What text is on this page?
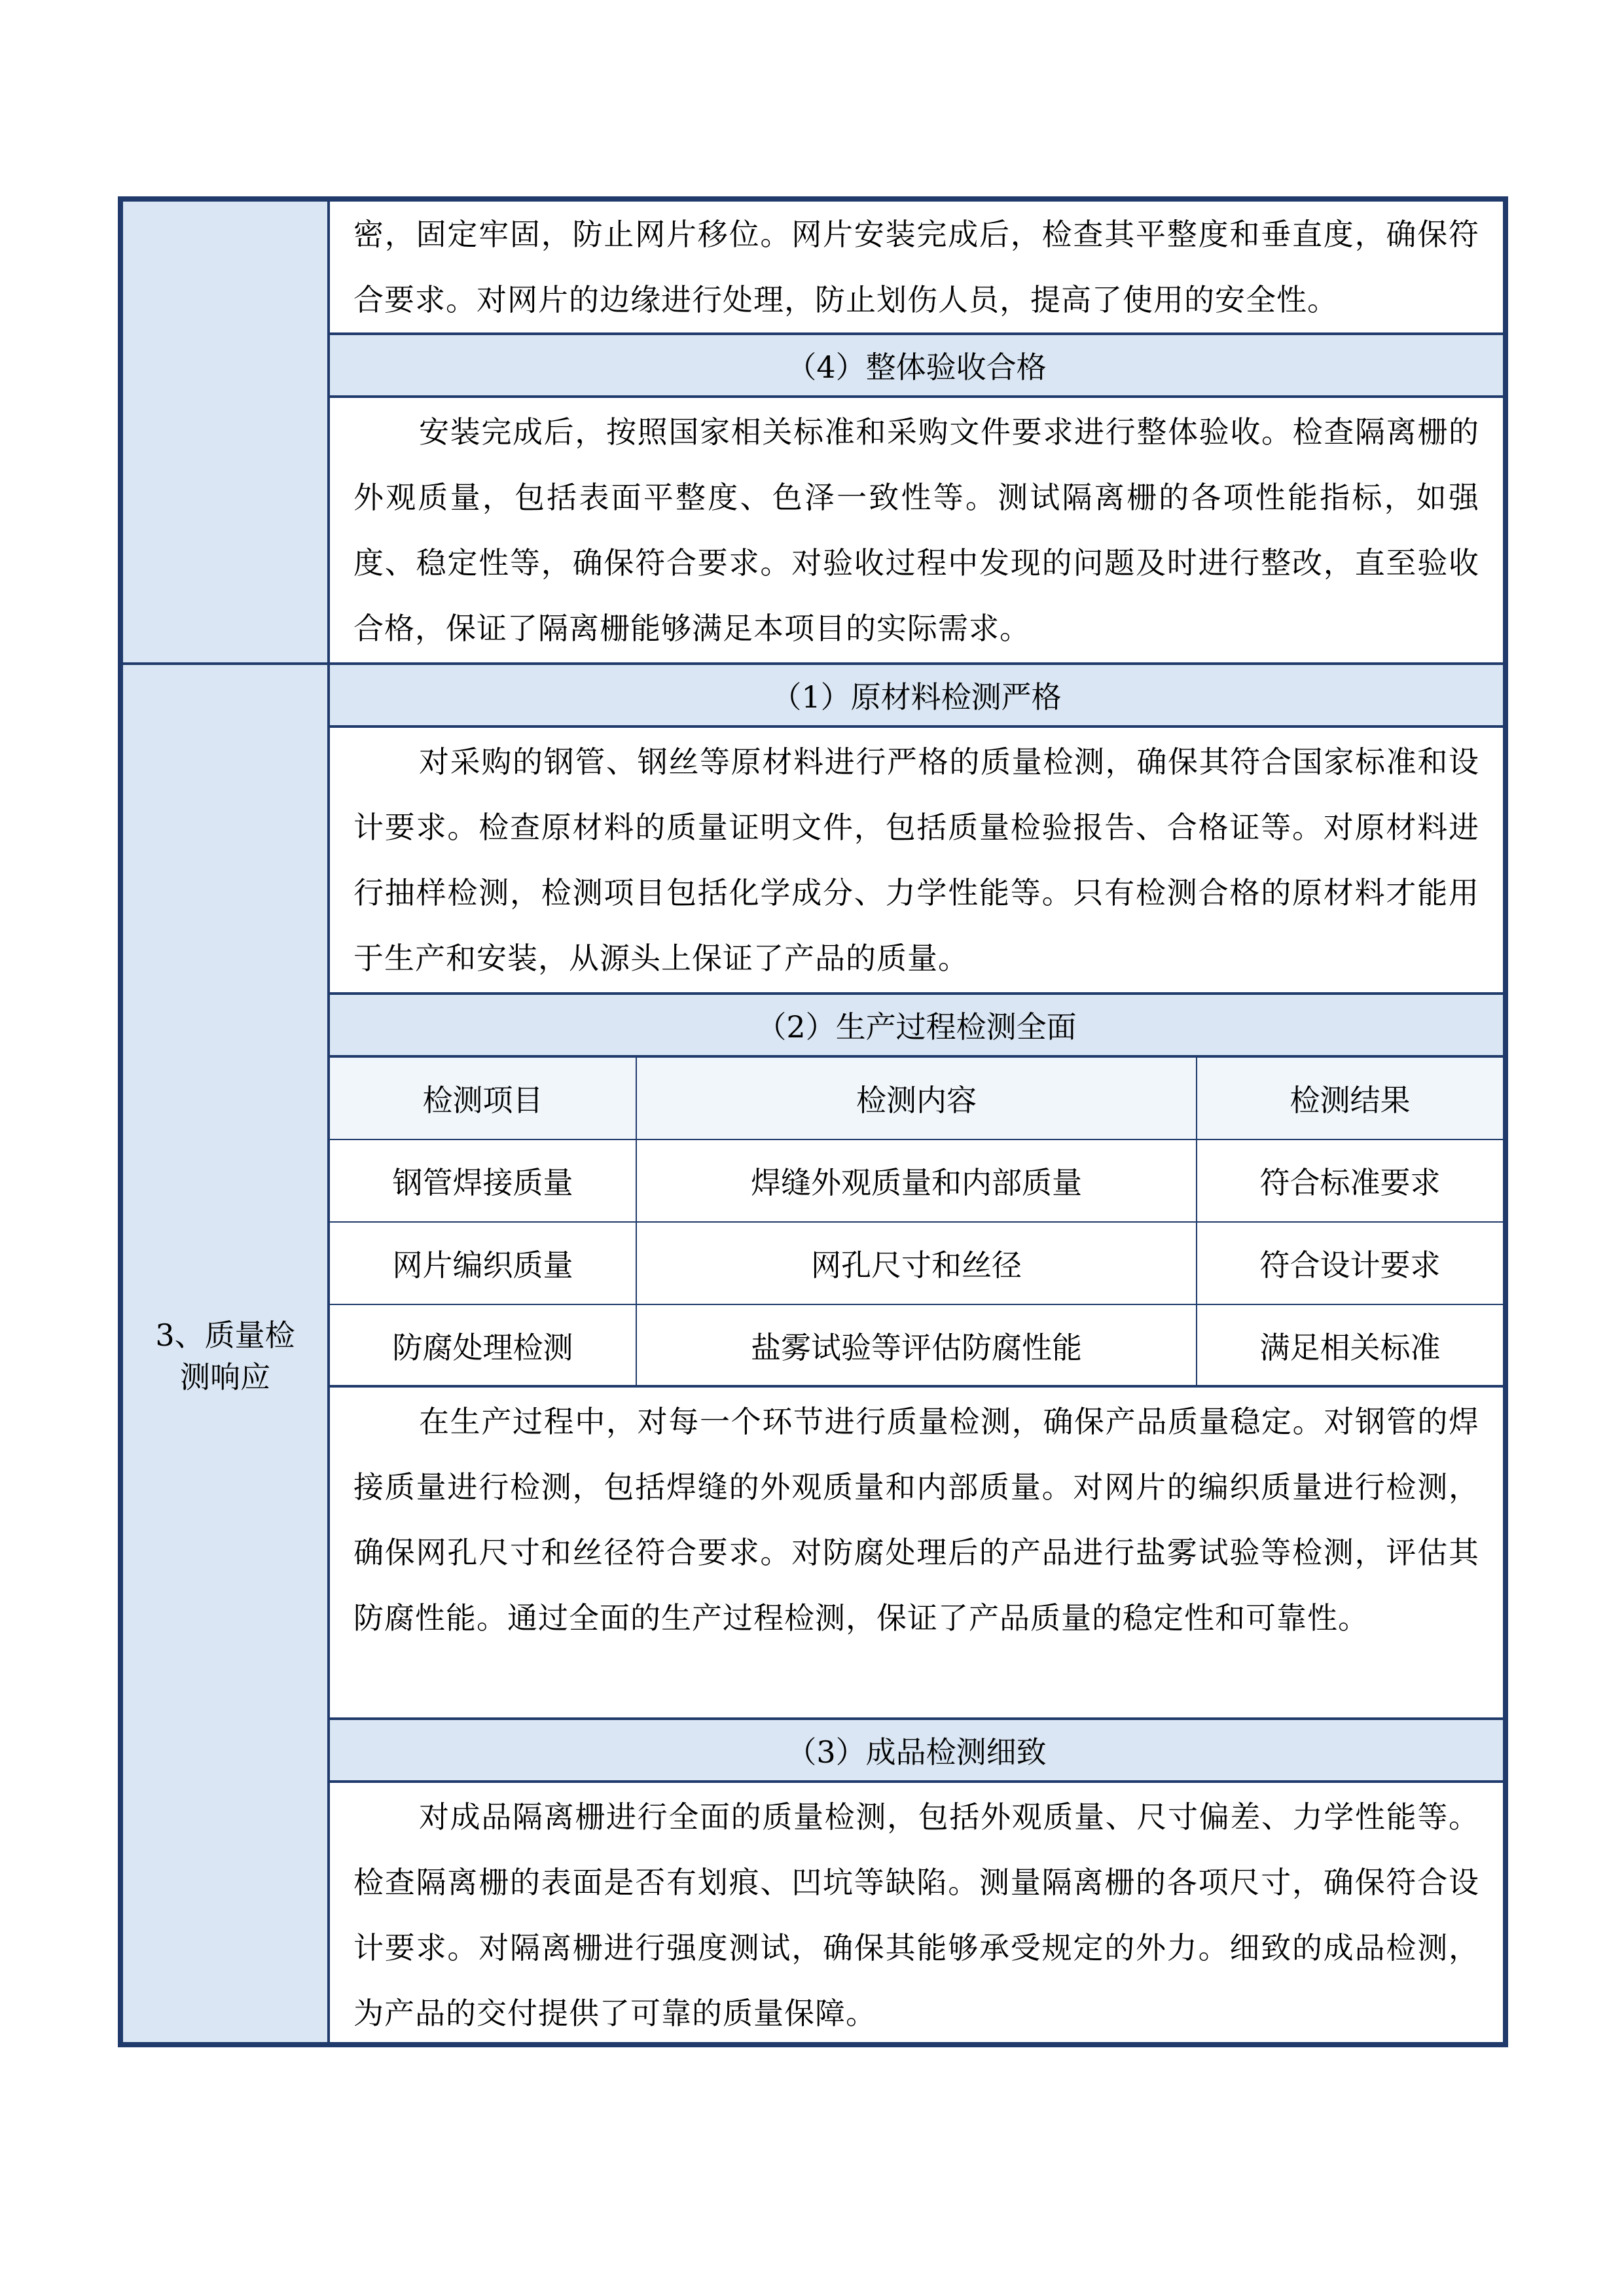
3、质量检
测响应
密，固定牢固，防止网片移位。网片安装完成后，检查其平整度和垂直度，确保符合要求。对网片的边缘进行处理，防止划伤人员，提高了使用的安全性。
（4）整体验收合格
安装完成后，按照国家相关标准和采购文件要求进行整体验收。检查隔离栅的外观质量，包括表面平整度、色泽一致性等。测试隔离栅的各项性能指标，如强度、稳定性等，确保符合要求。对验收过程中发现的问题及时进行整改，直至验收合格，保证了隔离栅能够满足本项目的实际需求。
（1）原材料检测严格
对采购的钢管、钢丝等原材料进行严格的质量检测，确保其符合国家标准和设计要求。检查原材料的质量证明文件，包括质量检验报告、合格证等。对原材料进行抽样检测，检测项目包括化学成分、力学性能等。只有检测合格的原材料才能用于生产和安装，从源头上保证了产品的质量。
（2）生产过程检测全面
检测项目	检测内容	检测结果
钢管焊接质量	焊缝外观质量和内部质量	符合标准要求
网片编织质量	网孔尺寸和丝径	符合设计要求
防腐处理检测	盐雾试验等评估防腐性能	满足相关标准
在生产过程中，对每一个环节进行质量检测，确保产品质量稳定。对钢管的焊接质量进行检测，包括焊缝的外观质量和内部质量。对网片的编织质量进行检测，确保网孔尺寸和丝径符合要求。对防腐处理后的产品进行盐雾试验等检测，评估其防腐性能。通过全面的生产过程检测，保证了产品质量的稳定性和可靠性。
（3）成品检测细致
对成品隔离栅进行全面的质量检测，包括外观质量、尺寸偏差、力学性能等。检查隔离栅的表面是否有划痕、凹坑等缺陷。测量隔离栅的各项尺寸，确保符合设计要求。对隔离栅进行强度测试，确保其能够承受规定的外力。细致的成品检测，为产品的交付提供了可靠的质量保障。
